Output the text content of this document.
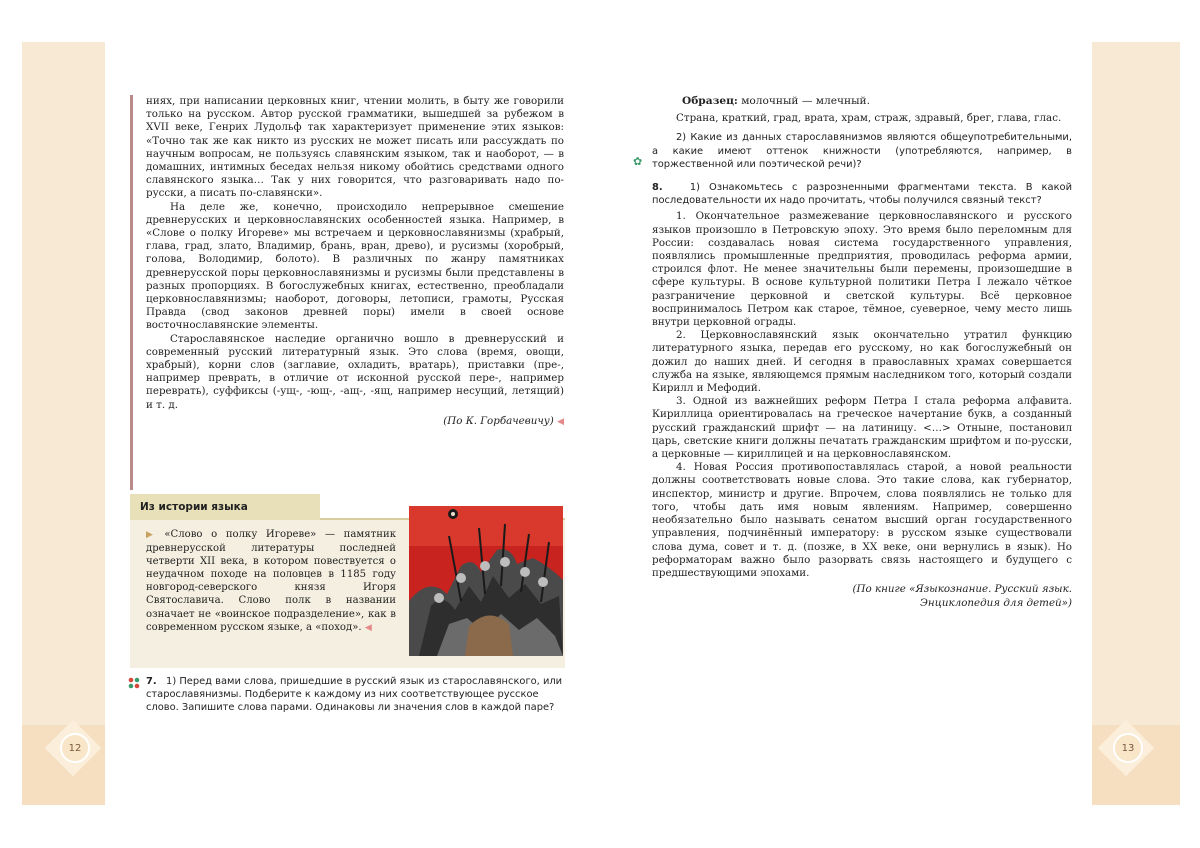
12	13

ниях, при написании церковных книг, чтении молить, в быту же говорили только на русском. Автор русской грамматики, вышедшей за рубежом в XVII веке, Генрих Лудольф так характеризует применение этих языков: «Точно так же как никто из русских не может писать или рассуждать по научным вопросам, не пользуясь славянским языком, так и наоборот, — в домашних, интимных беседах нельзя никому обойтись средствами одного славянского языка… Так у них говорится, что разговаривать надо по-русски, а писать по-славянски».

На деле же, конечно, происходило непрерывное смешение древнерусских и церковнославянских особенностей языка. Например, в «Слове о полку Игореве» мы встречаем и церковнославянизмы (храбрый, глава, град, злато, Владимир, брань, вран, древо), и русизмы (хоробрый, голова, Володимир, болото). В различных по жанру памятниках древнерусской поры церковнославянизмы и русизмы были представлены в разных пропорциях. В богослужебных книгах, естественно, преобладали церковнославянизмы; наоборот, договоры, летописи, грамоты, Русская Правда (свод законов древней поры) имели в своей основе восточнославянские элементы.

Старославянское наследие органично вошло в древнерусский и современный русский литературный язык. Это слова (время, овощи, храбрый), корни слов (заглавие, охладить, вратарь), приставки (пре-, например преврать, в отличие от исконной русской пере-, например переврать), суффиксы (-ущ-, -ющ-, -ащ-, -ящ, например несущий, летящий) и т. д.

(По К. Горбачевичу) ◀

Из истории языка

▶ «Слово о полку Игореве» — памятник древнерусской литературы последней четверти XII века, в котором повествуется о неудачном походе на половцев в 1185 году новгород-северского князя Игоря Святославича. Слово полк в названии означает не «воинское подразделение», как в современном русском языке, а «поход». ◀

7. 1) Перед вами слова, пришедшие в русский язык из старославянского, или старославянизмы. Подберите к каждому из них соответствующее русское слово. Запишите слова парами. Одинаковы ли значения слов в каждой паре?

Образец: молочный — млечный.

Страна, краткий, град, врата, храм, страж, здравый, брег, глава, глас.

2) Какие из данных старославянизмов являются общеупотребительными, а какие имеют оттенок книжности (употребляются, например, в торжественной или поэтической речи)?

8.	1) Ознакомьтесь с разрозненными фрагментами текста. В какой последовательности их надо прочитать, чтобы получился связный текст?

1. Окончательное размежевание церковнославянского и русского языков произошло в Петровскую эпоху. Это время было переломным для России: создавалась новая система государственного управления, появлялись промышленные предприятия, проводилась реформа армии, строился флот. Не менее значительны были перемены, произошедшие в сфере культуры. В основе культурной политики Петра I лежало чёткое разграничение церковной и светской культуры. Всё церковное воспринималось Петром как старое, тёмное, суеверное, чему место лишь внутри церковной ограды.

2. Церковнославянский язык окончательно утратил функцию литературного языка, передав его русскому, но как богослужебный он дожил до наших дней. И сегодня в православных храмах совершается служба на языке, являющемся прямым наследником того, который создали Кирилл и Мефодий.

3. Одной из важнейших реформ Петра I стала реформа алфавита. Кириллица ориентировалась на греческое начертание букв, а созданный русский гражданский шрифт — на латиницу. <…> Отныне, постановил царь, светские книги должны печатать гражданским шрифтом и по-русски, а церковные — кириллицей и на церковнославянском.

4. Новая Россия противопоставлялась старой, а новой реальности должны соответствовать новые слова. Это такие слова, как губернатор, инспектор, министр и другие. Впрочем, слова появлялись не только для того, чтобы дать имя новым явлениям. Например, совершенно необязательно было называть сенатом высший орган государственного управления, подчинённый императору: в русском языке существовали слова дума, совет и т. д. (позже, в XX веке, они вернулись в язык). Но реформаторам важно было разорвать связь настоящего и будущего с предшествующими эпохами.

(По книге «Языкознание. Русский язык.
Энциклопедия для детей»)

✿
